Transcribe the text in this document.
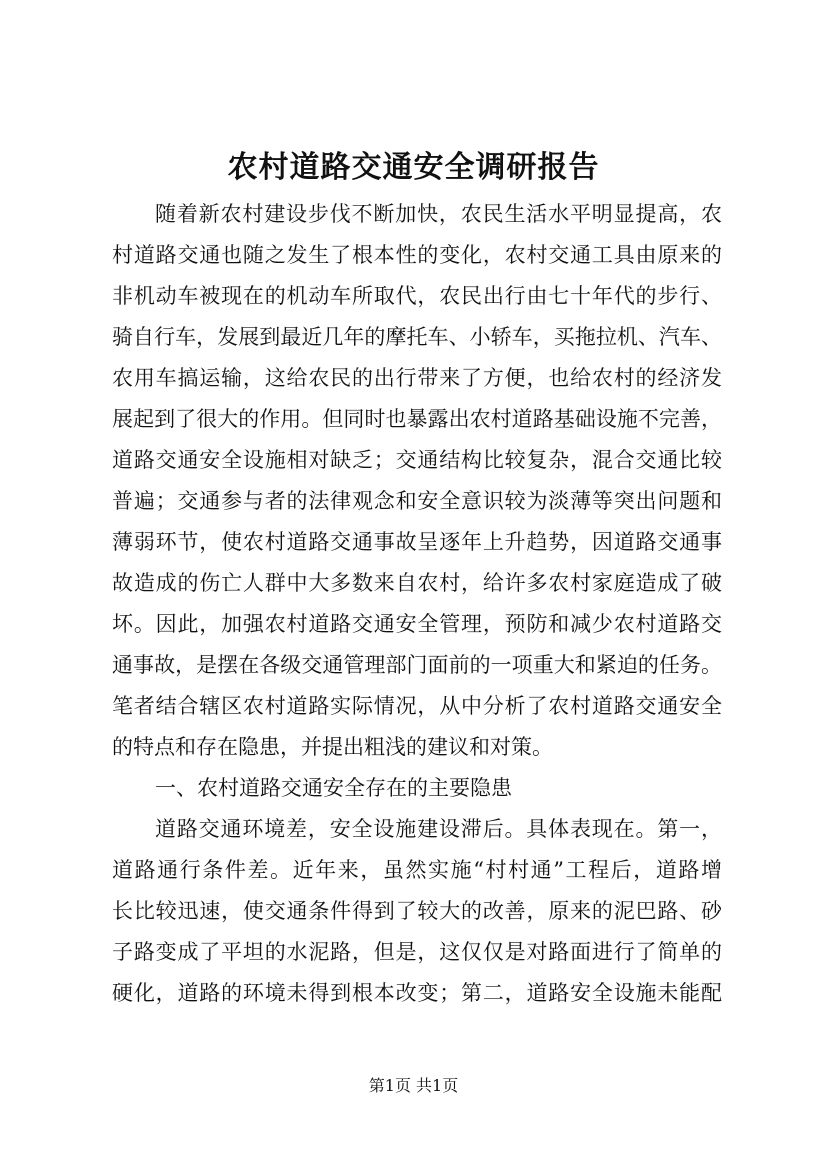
农村道路交通安全调研报告
随着新农村建设步伐不断加快，农民生活水平明显提高，农
村道路交通也随之发生了根本性的变化，农村交通工具由原来的
非机动车被现在的机动车所取代，农民出行由七十年代的步行、
骑自行车，发展到最近几年的摩托车、小轿车，买拖拉机、汽车、
农用车搞运输，这给农民的出行带来了方便，也给农村的经济发
展起到了很大的作用。但同时也暴露出农村道路基础设施不完善，
道路交通安全设施相对缺乏；交通结构比较复杂，混合交通比较
普遍；交通参与者的法律观念和安全意识较为淡薄等突出问题和
薄弱环节，使农村道路交通事故呈逐年上升趋势，因道路交通事
故造成的伤亡人群中大多数来自农村，给许多农村家庭造成了破
坏。因此，加强农村道路交通安全管理，预防和减少农村道路交
通事故，是摆在各级交通管理部门面前的一项重大和紧迫的任务。
笔者结合辖区农村道路实际情况，从中分析了农村道路交通安全
的特点和存在隐患，并提出粗浅的建议和对策。
一、农村道路交通安全存在的主要隐患
道路交通环境差，安全设施建设滞后。具体表现在。第一，
道路通行条件差。近年来，虽然实施“村村通”工程后，道路增
长比较迅速，使交通条件得到了较大的改善，原来的泥巴路、砂
子路变成了平坦的水泥路，但是，这仅仅是对路面进行了简单的
硬化，道路的环境未得到根本改变；第二，道路安全设施未能配
第1页 共1页
